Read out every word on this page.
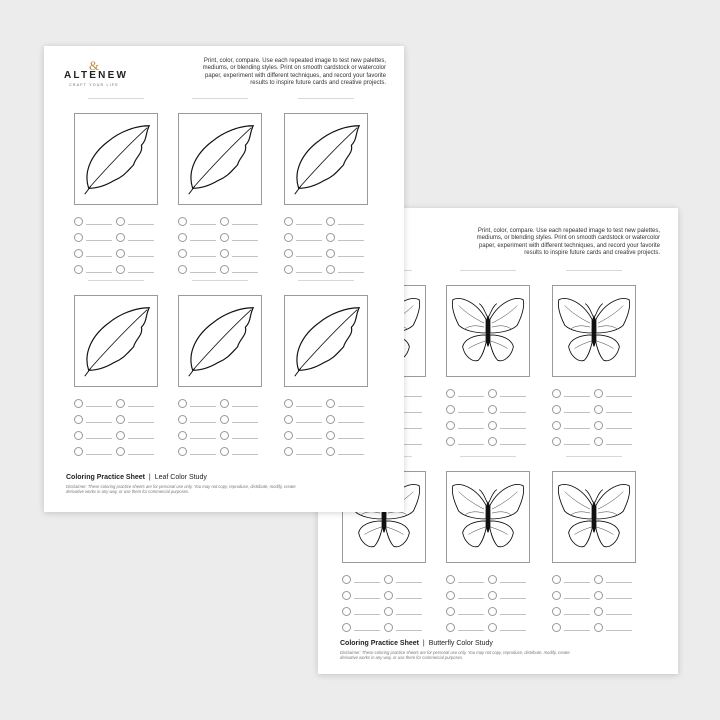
Print, color, compare. Use each repeated image to test new palettes, mediums, or blending styles. Print on smooth cardstock or watercolor paper, experiment with different techniques, and record your favorite results to inspire future cards and creative projects.
Coloring Practice Sheet | Butterfly Color Study
Disclaimer: These coloring practice sheets are for personal use only. You may not copy, reproduce, distribute, modify, create derivative works in any way, or use them for commercial purposes.
&
ALTENEW
CRAFT YOUR LIFE
Print, color, compare. Use each repeated image to test new palettes, mediums, or blending styles. Print on smooth cardstock or watercolor paper, experiment with different techniques, and record your favorite results to inspire future cards and creative projects.
Coloring Practice Sheet | Leaf Color Study
Disclaimer: These coloring practice sheets are for personal use only. You may not copy, reproduce, distribute, modify, create derivative works in any way, or use them for commercial purposes.
